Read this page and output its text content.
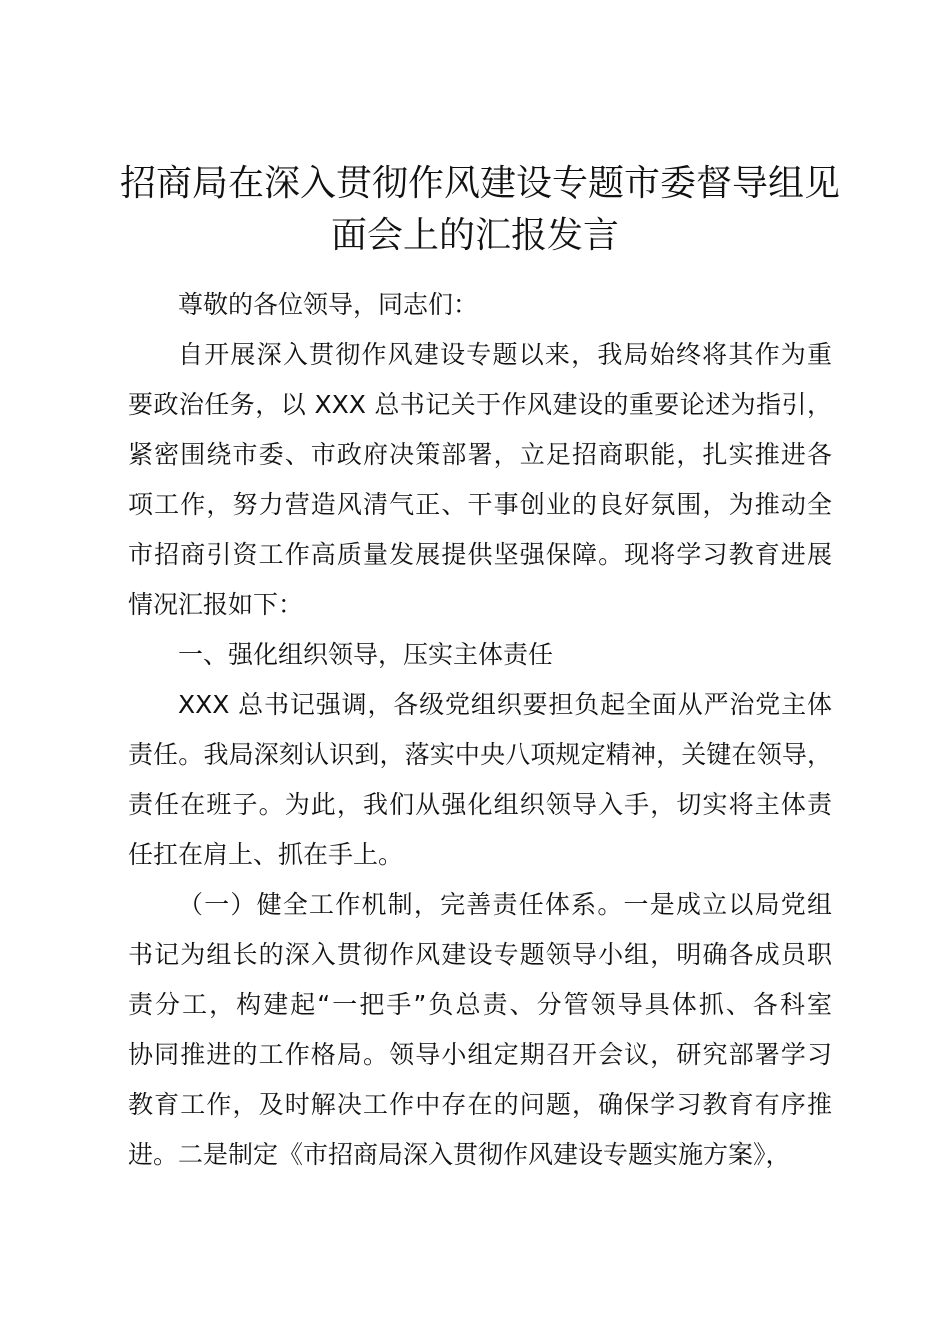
招商局在深入贯彻作风建设专题市委督导组见
面会上的汇报发言

尊敬的各位领导，同志们：

自开展深入贯彻作风建设专题以来，我局始终将其作为重
要政治任务，以 XXX 总书记关于作风建设的重要论述为指引，
紧密围绕市委、市政府决策部署，立足招商职能，扎实推进各
项工作，努力营造风清气正、干事创业的良好氛围，为推动全
市招商引资工作高质量发展提供坚强保障。现将学习教育进展
情况汇报如下：

一、强化组织领导，压实主体责任

XXX 总书记强调，各级党组织要担负起全面从严治党主体
责任。我局深刻认识到，落实中央八项规定精神，关键在领导，
责任在班子。为此，我们从强化组织领导入手，切实将主体责
任扛在肩上、抓在手上。

（一）健全工作机制，完善责任体系。一是成立以局党组
书记为组长的深入贯彻作风建设专题领导小组，明确各成员职
责分工，构建起“一把手”负总责、分管领导具体抓、各科室
协同推进的工作格局。领导小组定期召开会议，研究部署学习
教育工作，及时解决工作中存在的问题，确保学习教育有序推
进。二是制定《市招商局深入贯彻作风建设专题实施方案》，
